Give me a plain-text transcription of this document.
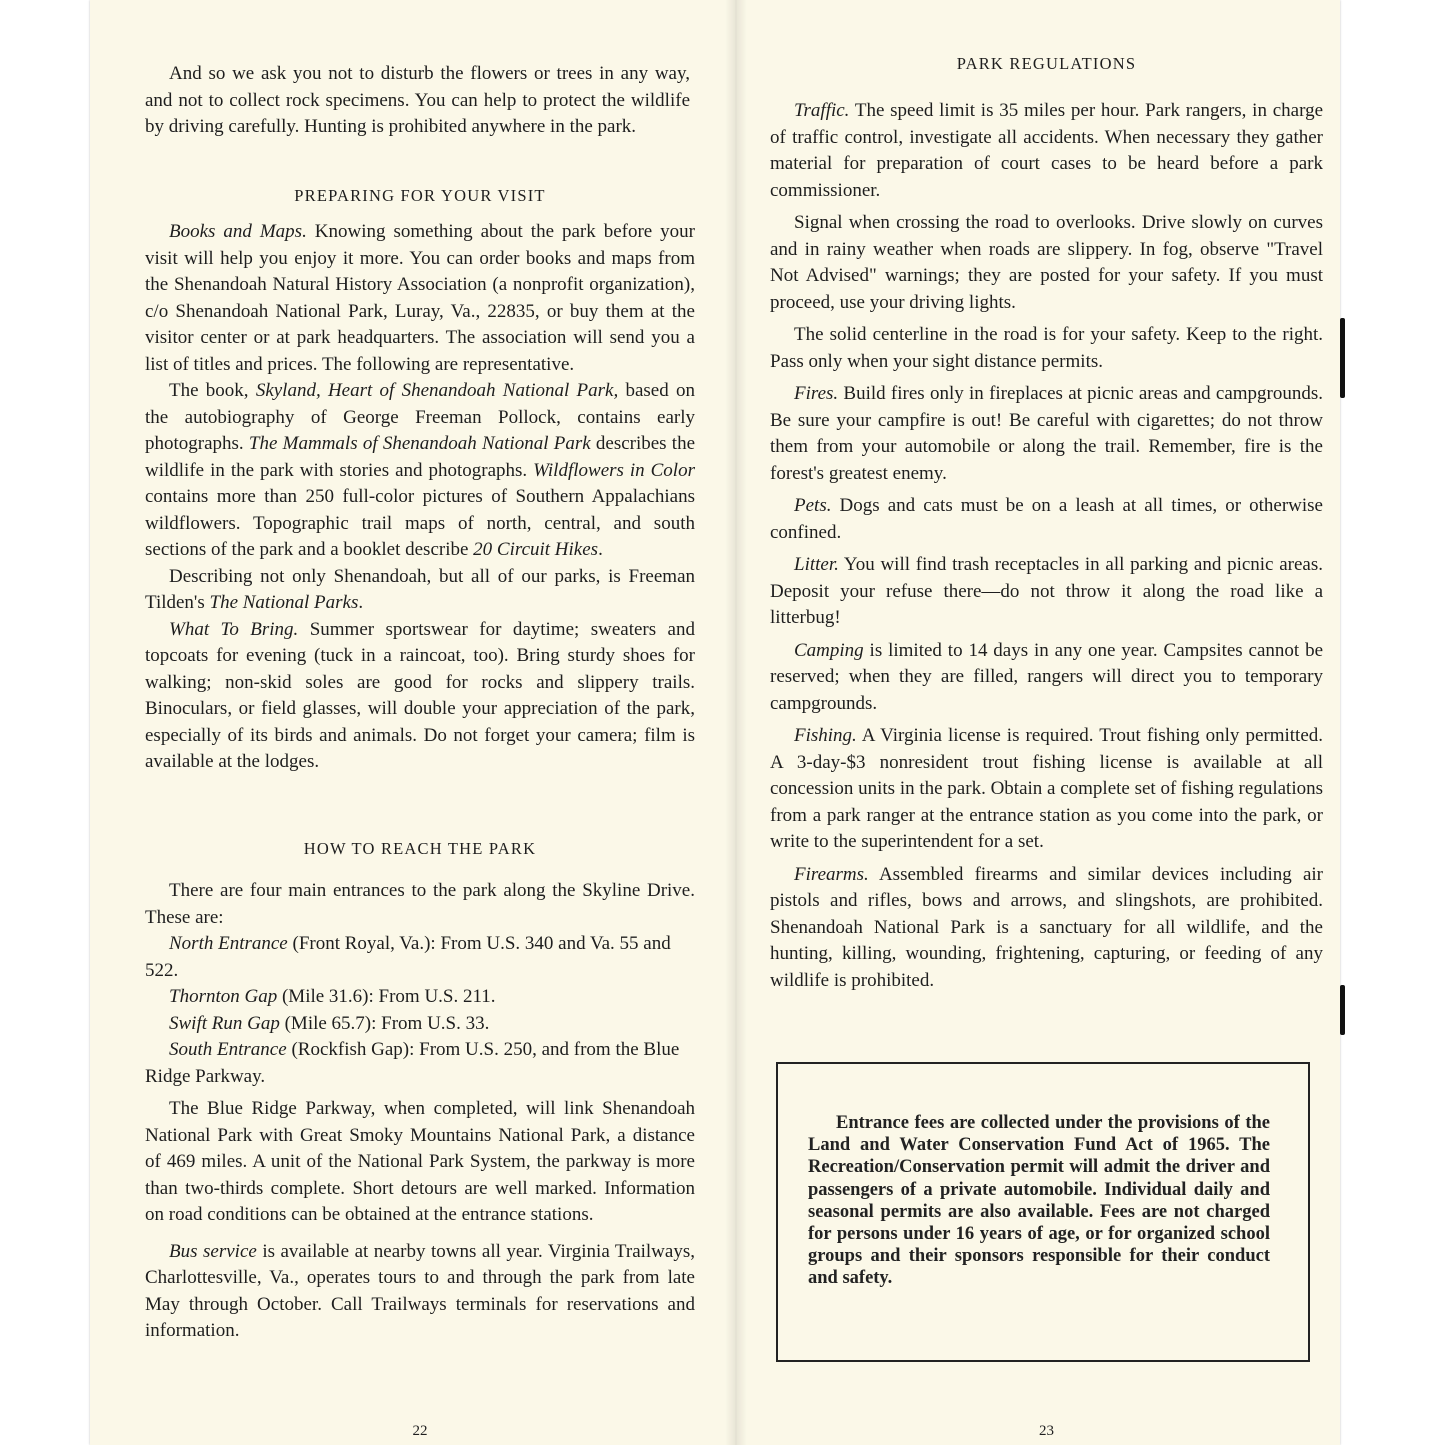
And so we ask you not to disturb the flowers or trees in any way, and not to collect rock specimens. You can help to protect the wildlife by driving carefully. Hunting is prohibited anywhere in the park.

PREPARING FOR YOUR VISIT

Books and Maps. Knowing something about the park before your visit will help you enjoy it more. You can order books and maps from the Shenandoah Natural History Association (a nonprofit organization), c/o Shenandoah National Park, Luray, Va., 22835, or buy them at the visitor center or at park headquarters. The association will send you a list of titles and prices. The following are representative.

The book, Skyland, Heart of Shenandoah National Park, based on the autobiography of George Freeman Pollock, contains early photographs. The Mammals of Shenandoah National Park describes the wildlife in the park with stories and photographs. Wildflowers in Color contains more than 250 full-color pictures of Southern Appalachians wildflowers. Topographic trail maps of north, central, and south sections of the park and a booklet describe 20 Circuit Hikes.

Describing not only Shenandoah, but all of our parks, is Freeman Tilden's The National Parks.

What To Bring. Summer sportswear for daytime; sweaters and topcoats for evening (tuck in a raincoat, too). Bring sturdy shoes for walking; non-skid soles are good for rocks and slippery trails. Binoculars, or field glasses, will double your appreciation of the park, especially of its birds and animals. Do not forget your camera; film is available at the lodges.

HOW TO REACH THE PARK

There are four main entrances to the park along the Skyline Drive. These are:

North Entrance (Front Royal, Va.): From U.S. 340 and Va. 55 and 522.

Thornton Gap (Mile 31.6): From U.S. 211.

Swift Run Gap (Mile 65.7): From U.S. 33.

South Entrance (Rockfish Gap): From U.S. 250, and from the Blue Ridge Parkway.

The Blue Ridge Parkway, when completed, will link Shenandoah National Park with Great Smoky Mountains National Park, a distance of 469 miles. A unit of the National Park System, the parkway is more than two-thirds complete. Short detours are well marked. Information on road conditions can be obtained at the entrance stations.

Bus service is available at nearby towns all year. Virginia Trailways, Charlottesville, Va., operates tours to and through the park from late May through October. Call Trailways terminals for reservations and information.

22

PARK REGULATIONS

Traffic. The speed limit is 35 miles per hour. Park rangers, in charge of traffic control, investigate all accidents. When necessary they gather material for preparation of court cases to be heard before a park commissioner.

Signal when crossing the road to overlooks. Drive slowly on curves and in rainy weather when roads are slippery. In fog, observe "Travel Not Advised" warnings; they are posted for your safety. If you must proceed, use your driving lights.

The solid centerline in the road is for your safety. Keep to the right. Pass only when your sight distance permits.

Fires. Build fires only in fireplaces at picnic areas and campgrounds. Be sure your campfire is out! Be careful with cigarettes; do not throw them from your automobile or along the trail. Remember, fire is the forest's greatest enemy.

Pets. Dogs and cats must be on a leash at all times, or otherwise confined.

Litter. You will find trash receptacles in all parking and picnic areas. Deposit your refuse there—do not throw it along the road like a litterbug!

Camping is limited to 14 days in any one year. Campsites cannot be reserved; when they are filled, rangers will direct you to temporary campgrounds.

Fishing. A Virginia license is required. Trout fishing only permitted. A 3-day-$3 nonresident trout fishing license is available at all concession units in the park. Obtain a complete set of fishing regulations from a park ranger at the entrance station as you come into the park, or write to the superintendent for a set.

Firearms. Assembled firearms and similar devices including air pistols and rifles, bows and arrows, and slingshots, are prohibited. Shenandoah National Park is a sanctuary for all wildlife, and the hunting, killing, wounding, frightening, capturing, or feeding of any wildlife is prohibited.

23

Entrance fees are collected under the provisions of the Land and Water Conservation Fund Act of 1965. The Recreation/Conservation permit will admit the driver and passengers of a private automobile. Individual daily and seasonal permits are also available. Fees are not charged for persons under 16 years of age, or for organized school groups and their sponsors responsible for their conduct and safety.
